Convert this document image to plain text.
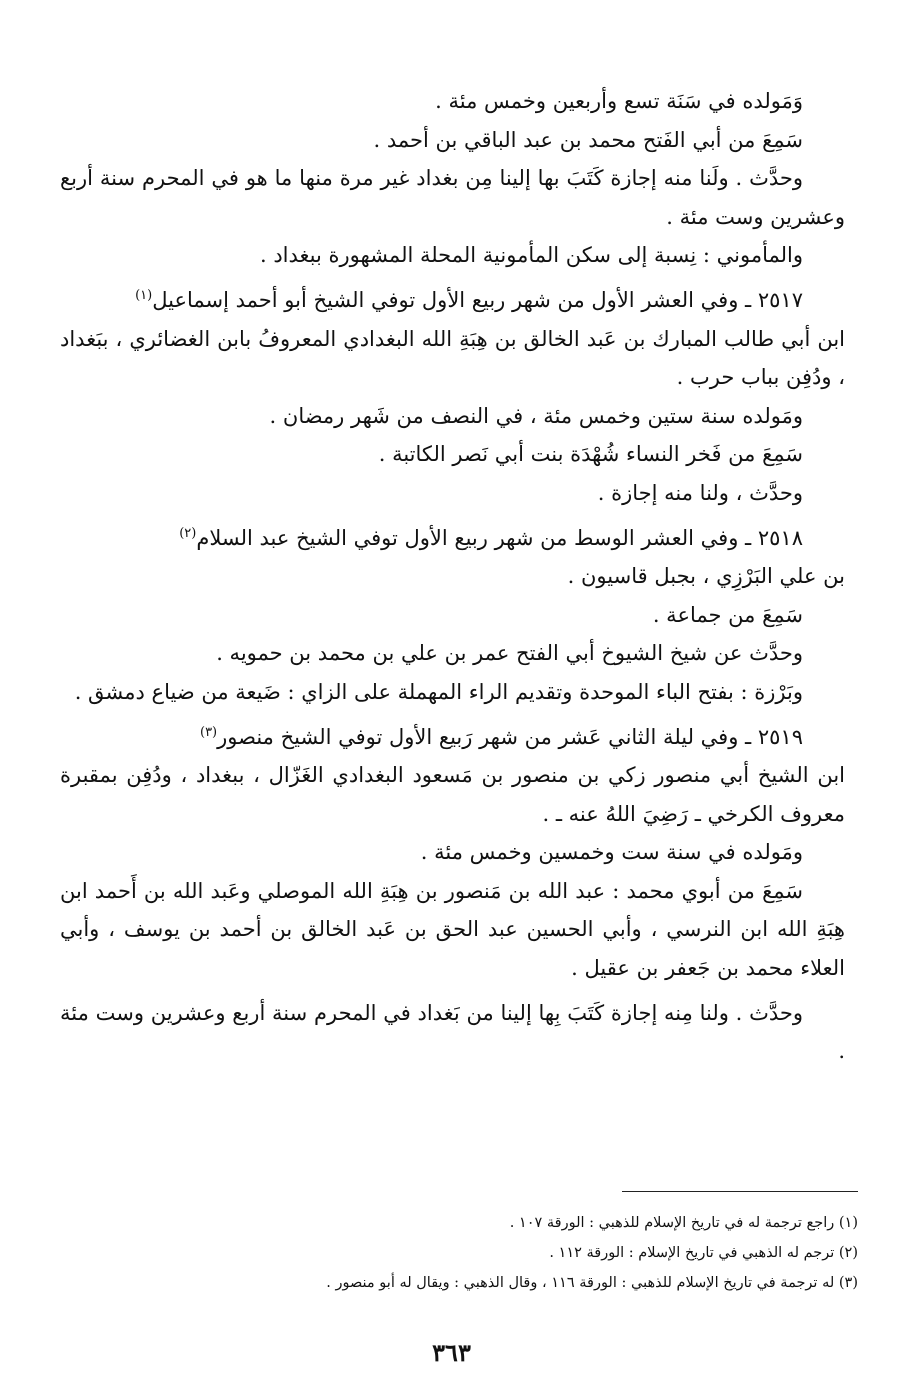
وَمَولده في سَنَة تسع وأربعين وخمس مئة .

سَمِعَ من أبي الفَتح محمد بن عبد الباقي بن أحمد .

وحدَّث . ولَنا منه إجازة كَتَبَ بها إلينا مِن بغداد غير مرة منها ما هو في المحرم سنة أربع وعشرين وست مئة .

والمأموني : نِسبة إلى سكن المأمونية المحلة المشهورة ببغداد .

٢٥١٧ ـ وفي العشر الأول من شهر ربيع الأول توفي الشيخ أبو أحمد إسماعيل$^{(١)}$

ابن أبي طالب المبارك بن عَبد الخالق بن هِبَةِ الله البغدادي المعروفُ بابن الغضائري ، ببَغداد ، ودُفِن بباب حرب .

ومَولده سنة ستين وخمس مئة ، في النصف من شَهر رمضان .

سَمِعَ من فَخر النساء شُهْدَة بنت أبي نَصر الكاتبة .

وحدَّث ، ولنا منه إجازة .

٢٥١٨ ـ وفي العشر الوسط من شهر ربيع الأول توفي الشيخ عبد السلام$^{(٢)}$

بن علي البَرْزِي ، بجبل قاسيون .

سَمِعَ من جماعة .

وحدَّث عن شيخ الشيوخ أبي الفتح عمر بن علي بن محمد بن حمويه .

وبَرْزة : بفتح الباء الموحدة وتقديم الراء المهملة على الزاي : ضَيعة من ضياع دمشق .

٢٥١٩ ـ وفي ليلة الثاني عَشر من شهر رَبيع الأول توفي الشيخ منصور$^{(٣)}$

ابن الشيخ أبي منصور زكي بن منصور بن مَسعود البغدادي الغَزّال ، ببغداد ، ودُفِن بمقبرة معروف الكرخي ـ رَضِيَ اللهُ عنه ـ .

ومَولده في سنة ست وخمسين وخمس مئة .

سَمِعَ من أبوي محمد : عبد الله بن مَنصور بن هِبَةِ الله الموصلي وعَبد الله بن أَحمد ابن هِبَةِ الله ابن النرسي ، وأبي الحسين عبد الحق بن عَبد الخالق بن أحمد بن يوسف ، وأبي العلاء محمد بن جَعفر بن عقيل .

وحدَّث . ولنا مِنه إجازة كَتَبَ بِها إلينا من بَغداد في المحرم سنة أربع وعشرين وست مئة .

(١) راجع ترجمة له في تاريخ الإسلام للذهبي : الورقة ١٠٧ .

(٢) ترجم له الذهبي في تاريخ الإسلام : الورقة ١١٢ .

(٣) له ترجمة في تاريخ الإسلام للذهبي : الورقة ١١٦ ، وقال الذهبي : ويقال له أبو منصور .

٣٦٣
